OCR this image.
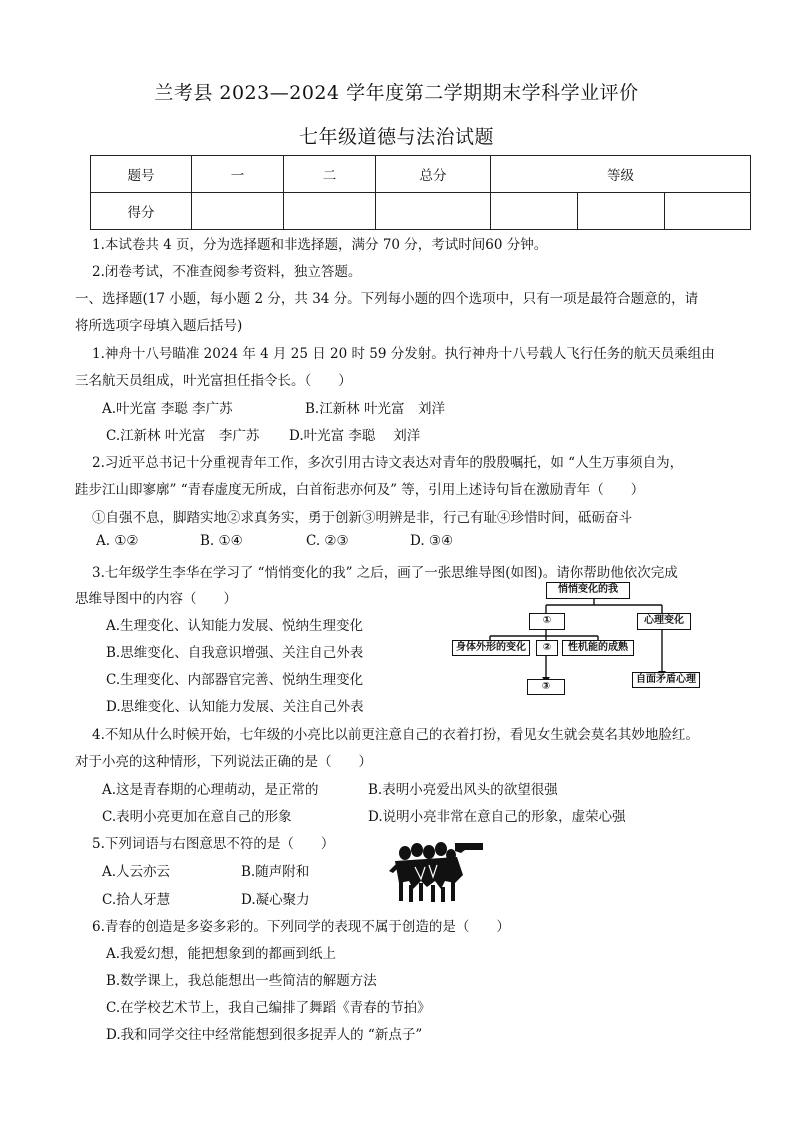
兰考县 2023—2024 学年度第二学期期末学科学业评价
七年级道德与法治试题
题号	一	二	总分	等级		
得分						
1.本试卷共 4 页，分为选择题和非选择题，满分 70 分，考试时间60 分钟。
2.闭卷考试，不准查阅参考资料，独立答题。
一、选择题(17 小题，每小题 2 分，共 34 分。下列每小题的四个选项中，只有一项是最符合题意的，请
将所选项字母填入题后括号)
1.神舟十八号瞄准 2024 年 4 月 25 日 20 时 59 分发射。执行神舟十八号载人飞行任务的航天员乘组由
三名航天员组成，叶光富担任指令长。（　　）
A.叶光富 李聪 李广苏	B.江新林 叶光富　刘洋
C.江新林 叶光富　李广苏 D.叶光富 李聪　 刘洋
2.习近平总书记十分重视青年工作，多次引用古诗文表达对青年的殷殷嘱托，如 “人生万事须自为，
跬步江山即寥廓” “青春虚度无所成，白首衔悲亦何及” 等，引用上述诗句旨在激励青年（　　）
①自强不息，脚踏实地②求真务实，勇于创新③明辨是非，行己有耻④珍惜时间，砥砺奋斗
A. ①②	B. ①④	C. ②③	D. ③④
3.七年级学生李华在学习了 “悄悄变化的我” 之后，画了一张思维导图(如图)。请你帮助他依次完成
思维导图中的内容（　　）
A.生理变化、认知能力发展、悦纳生理变化
B.思维变化、自我意识增强、关注自己外表
C.生理变化、内部器官完善、悦纳生理变化
D.思维变化、认知能力发展、关注自己外表
悄悄变化的我
①	心理变化
身体外形的变化	②	性机能的成熟
③
自面矛盾心理
4.不知从什么时候开始，七年级的小亮比以前更注意自己的衣着打扮，看见女生就会莫名其妙地脸红。
对于小亮的这种情形，下列说法正确的是（　　）
A.这是青春期的心理萌动，是正常的	B.表明小亮爱出风头的欲望很强
C.表明小亮更加在意自己的形象	D.说明小亮非常在意自己的形象，虚荣心强
5.下列词语与右图意思不符的是（　　）
A.人云亦云	B.随声附和
C.拾人牙慧	D.凝心聚力
6.青春的创造是多姿多彩的。下列同学的表现不属于创造的是（　　）
A.我爱幻想，能把想象到的都画到纸上
B.数学课上，我总能想出一些简洁的解题方法
C.在学校艺术节上，我自己编排了舞蹈《青春的节拍》
D.我和同学交往中经常能想到很多捉弄人的 “新点子”
